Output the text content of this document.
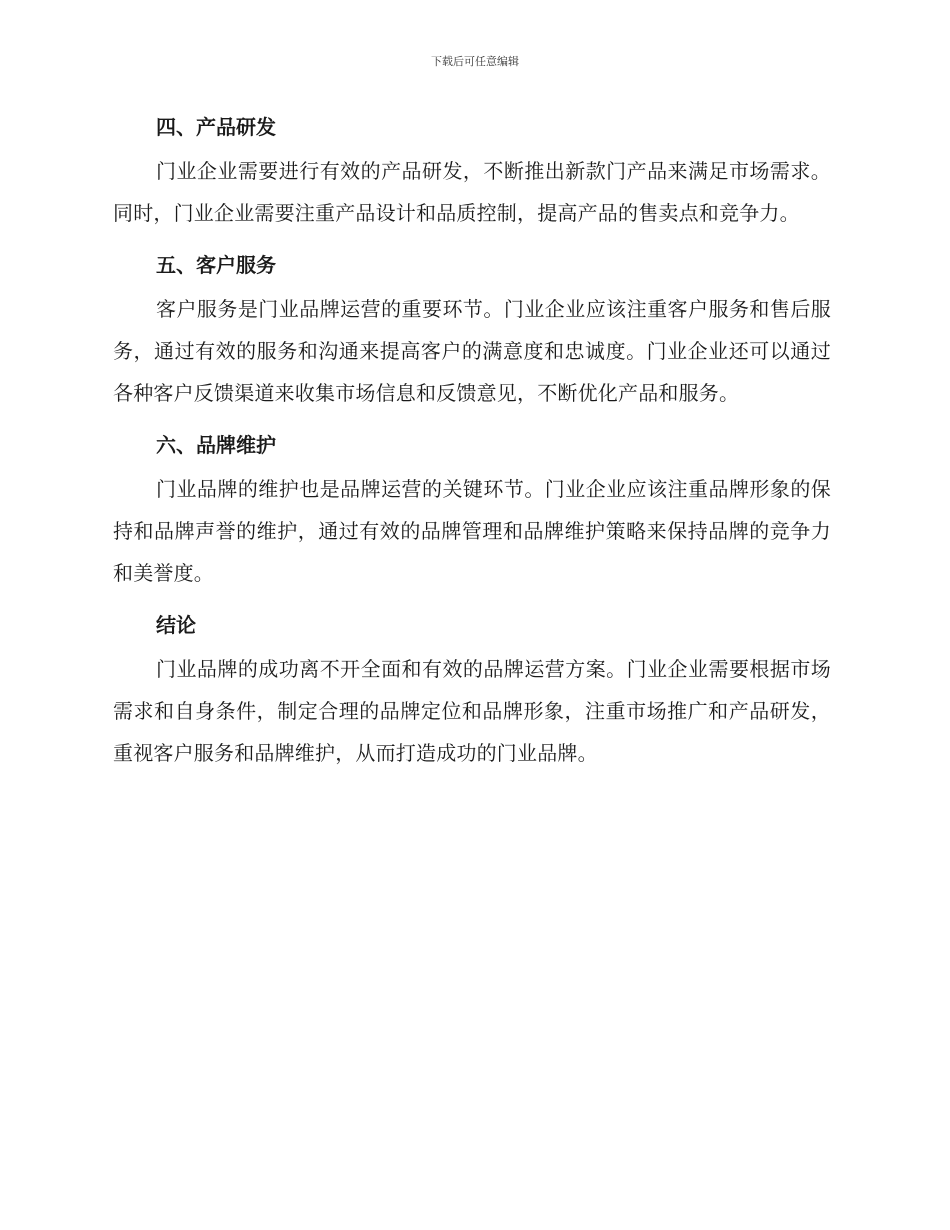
下载后可任意编辑
四、产品研发

门业企业需要进行有效的产品研发，不断推出新款门产品来满足市场需求。同时，门业企业需要注重产品设计和品质控制，提高产品的售卖点和竞争力。

五、客户服务

客户服务是门业品牌运营的重要环节。门业企业应该注重客户服务和售后服务，通过有效的服务和沟通来提高客户的满意度和忠诚度。门业企业还可以通过各种客户反馈渠道来收集市场信息和反馈意见，不断优化产品和服务。

六、品牌维护

门业品牌的维护也是品牌运营的关键环节。门业企业应该注重品牌形象的保持和品牌声誉的维护，通过有效的品牌管理和品牌维护策略来保持品牌的竞争力和美誉度。

结论

门业品牌的成功离不开全面和有效的品牌运营方案。门业企业需要根据市场需求和自身条件，制定合理的品牌定位和品牌形象，注重市场推广和产品研发，重视客户服务和品牌维护，从而打造成功的门业品牌。
